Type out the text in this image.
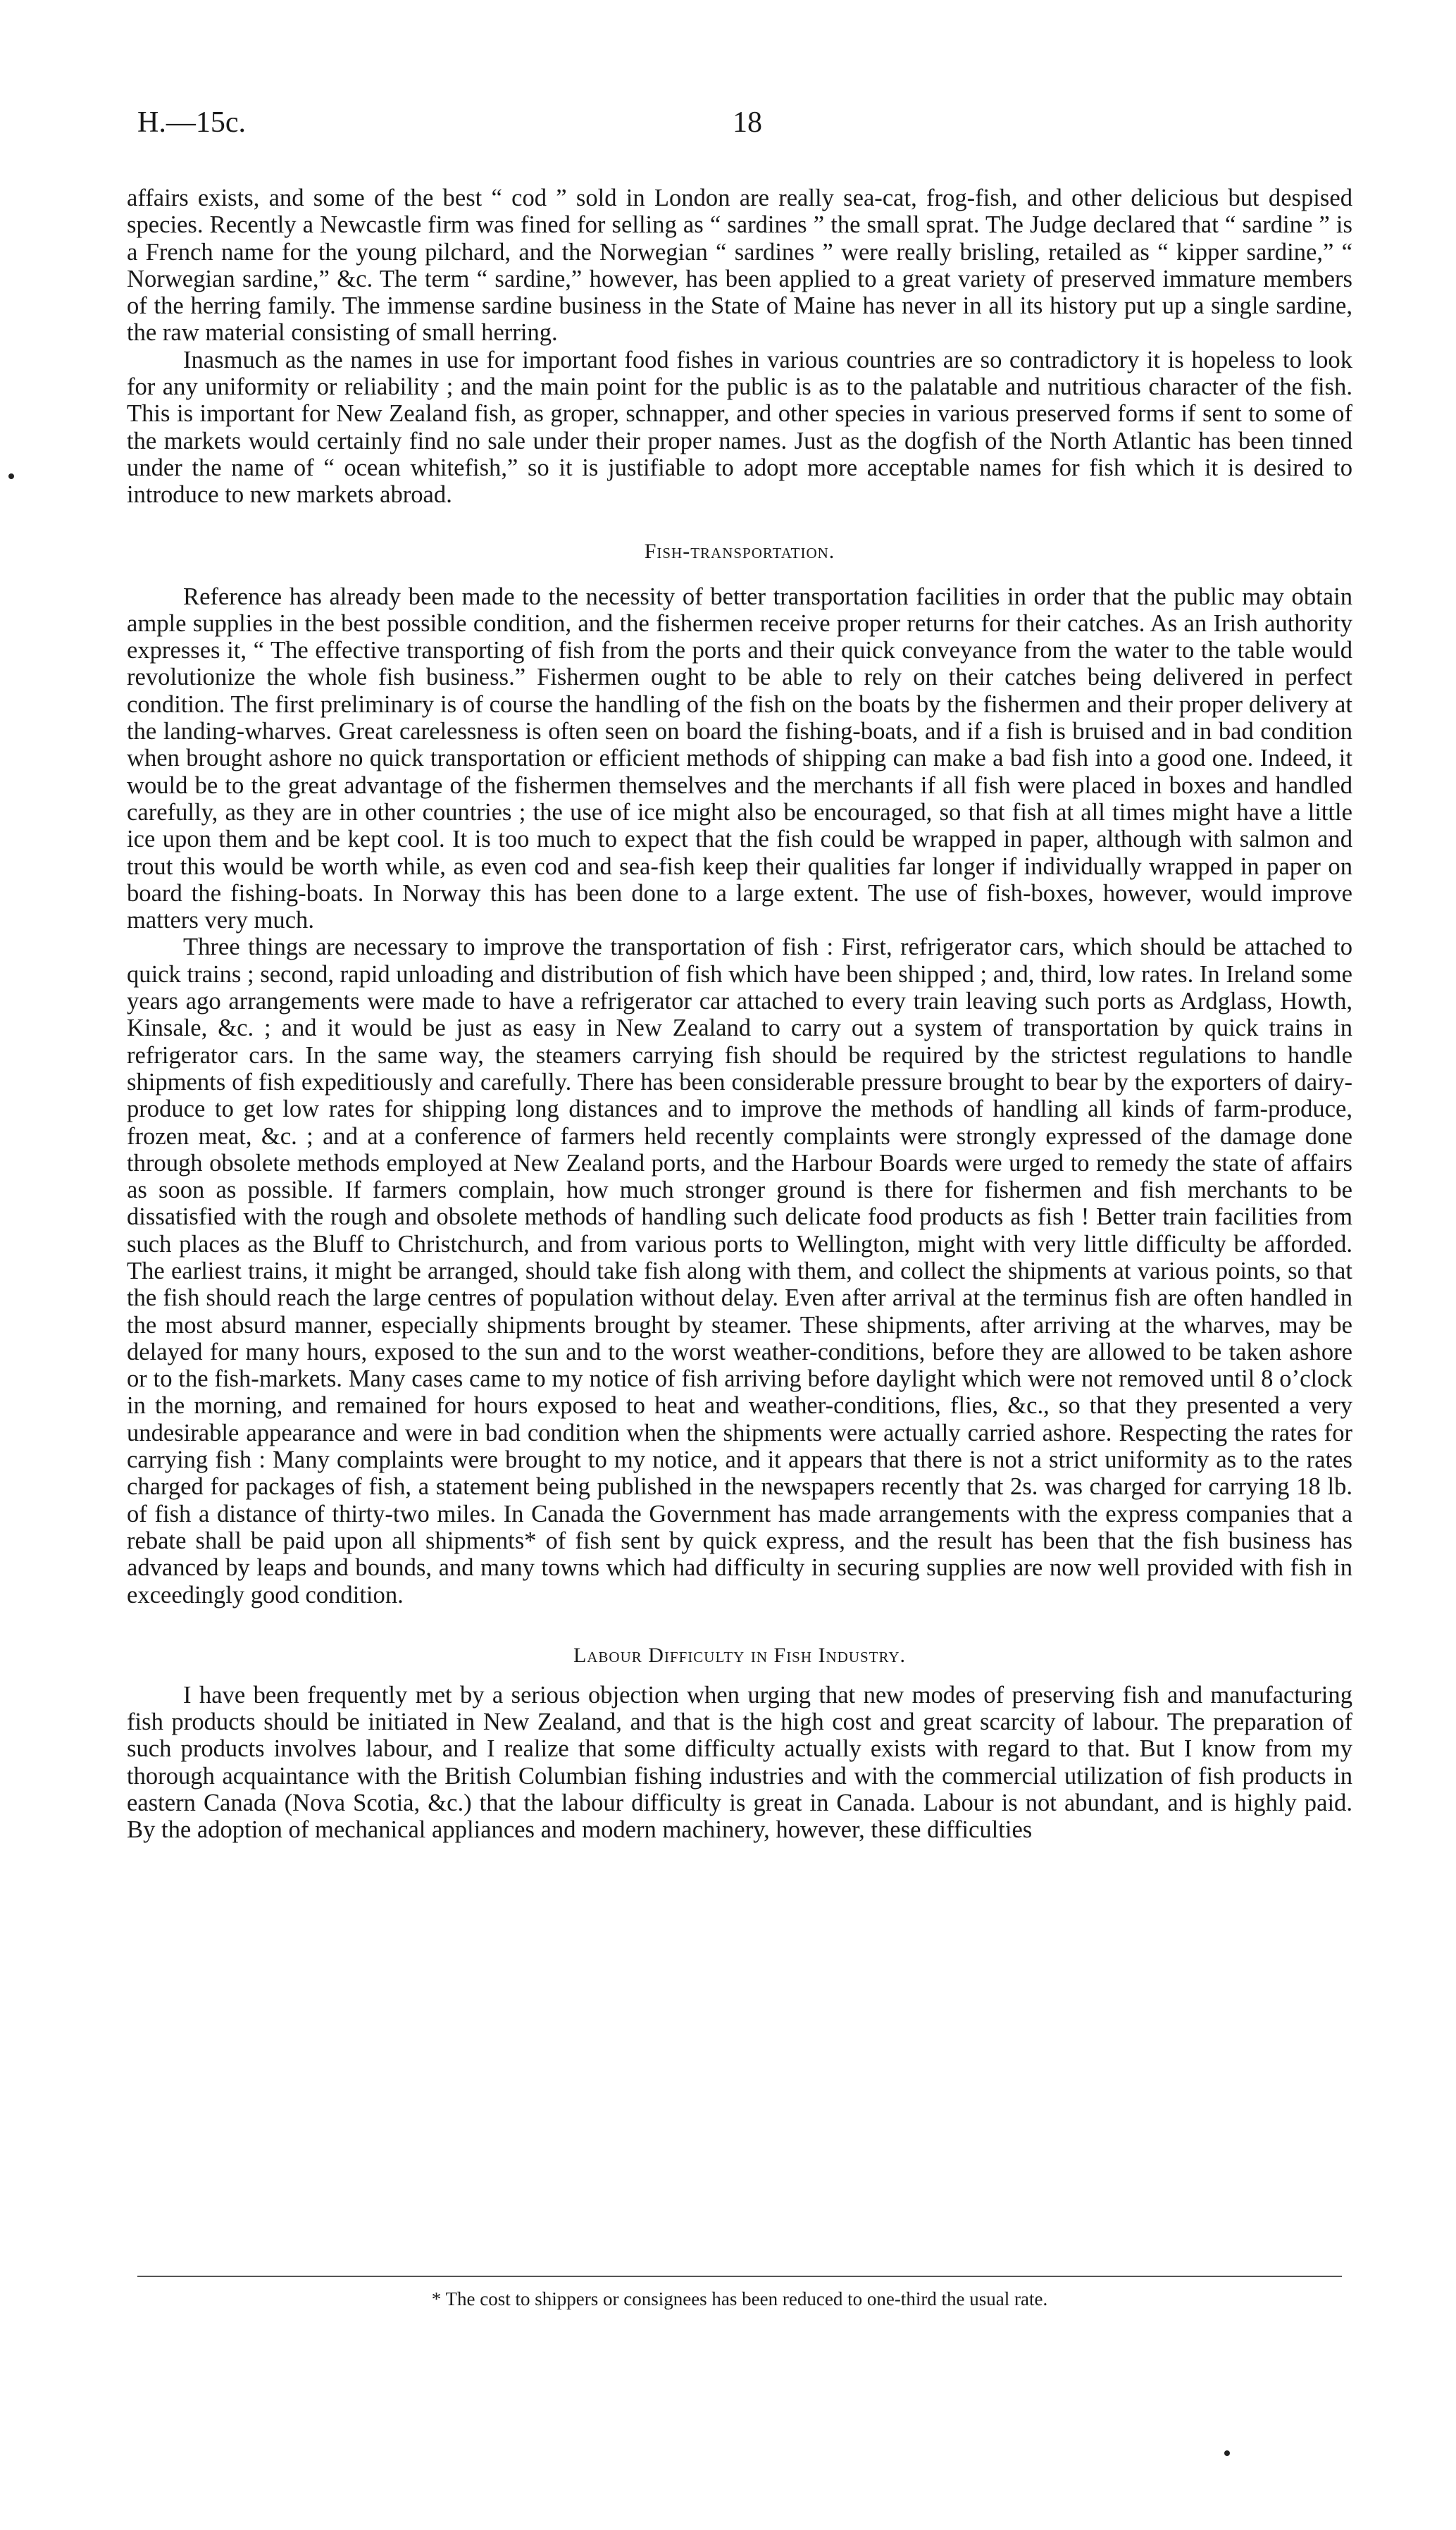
H.—15c.	18

affairs exists, and some of the best “ cod ” sold in London are really sea-cat, frog-fish, and other delicious but despised species. Recently a Newcastle firm was fined for selling as “ sardines ” the small sprat. The Judge declared that “ sardine ” is a French name for the young pilchard, and the Norwegian “ sardines ” were really brisling, retailed as “ kipper sardine,” “ Norwegian sardine,” &c. The term “ sardine,” however, has been applied to a great variety of preserved immature members of the herring family. The immense sardine business in the State of Maine has never in all its history put up a single sardine, the raw material consisting of small herring.

Inasmuch as the names in use for important food fishes in various countries are so contradictory it is hopeless to look for any uniformity or reliability ; and the main point for the public is as to the palatable and nutritious character of the fish. This is important for New Zealand fish, as groper, schnapper, and other species in various preserved forms if sent to some of the markets would certainly find no sale under their proper names. Just as the dogfish of the North Atlantic has been tinned under the name of “ ocean whitefish,” so it is justifiable to adopt more acceptable names for fish which it is desired to introduce to new markets abroad.

Fish-transportation.

Reference has already been made to the necessity of better transportation facilities in order that the public may obtain ample supplies in the best possible condition, and the fishermen receive proper returns for their catches. As an Irish authority expresses it, “ The effective transporting of fish from the ports and their quick conveyance from the water to the table would revolutionize the whole fish business.” Fishermen ought to be able to rely on their catches being delivered in perfect condition. The first preliminary is of course the handling of the fish on the boats by the fishermen and their proper delivery at the landing-wharves. Great carelessness is often seen on board the fishing-boats, and if a fish is bruised and in bad condition when brought ashore no quick transportation or efficient methods of shipping can make a bad fish into a good one. Indeed, it would be to the great advantage of the fishermen themselves and the merchants if all fish were placed in boxes and handled carefully, as they are in other countries ; the use of ice might also be encouraged, so that fish at all times might have a little ice upon them and be kept cool. It is too much to expect that the fish could be wrapped in paper, although with salmon and trout this would be worth while, as even cod and sea-fish keep their qualities far longer if individually wrapped in paper on board the fishing-boats. In Norway this has been done to a large extent. The use of fish-boxes, however, would improve matters very much.

Three things are necessary to improve the transportation of fish : First, refrigerator cars, which should be attached to quick trains ; second, rapid unloading and distribution of fish which have been shipped ; and, third, low rates. In Ireland some years ago arrangements were made to have a refrigerator car attached to every train leaving such ports as Ardglass, Howth, Kinsale, &c. ; and it would be just as easy in New Zealand to carry out a system of transportation by quick trains in refrigerator cars. In the same way, the steamers carrying fish should be required by the strictest regulations to handle shipments of fish expeditiously and carefully. There has been considerable pressure brought to bear by the exporters of dairy-produce to get low rates for shipping long distances and to improve the methods of handling all kinds of farm-produce, frozen meat, &c. ; and at a conference of farmers held recently complaints were strongly expressed of the damage done through obsolete methods employed at New Zealand ports, and the Harbour Boards were urged to remedy the state of affairs as soon as possible. If farmers complain, how much stronger ground is there for fishermen and fish merchants to be dissatisfied with the rough and obsolete methods of handling such delicate food products as fish ! Better train facilities from such places as the Bluff to Christchurch, and from various ports to Wellington, might with very little difficulty be afforded. The earliest trains, it might be arranged, should take fish along with them, and collect the shipments at various points, so that the fish should reach the large centres of population without delay. Even after arrival at the terminus fish are often handled in the most absurd manner, especially shipments brought by steamer. These shipments, after arriving at the wharves, may be delayed for many hours, exposed to the sun and to the worst weather-conditions, before they are allowed to be taken ashore or to the fish-markets. Many cases came to my notice of fish arriving before daylight which were not removed until 8 o’clock in the morning, and remained for hours exposed to heat and weather-conditions, flies, &c., so that they presented a very undesirable appearance and were in bad condition when the shipments were actually carried ashore. Respecting the rates for carrying fish : Many complaints were brought to my notice, and it appears that there is not a strict uniformity as to the rates charged for packages of fish, a statement being published in the newspapers recently that 2s. was charged for carrying 18 lb. of fish a distance of thirty-two miles. In Canada the Government has made arrangements with the express companies that a rebate shall be paid upon all shipments* of fish sent by quick express, and the result has been that the fish business has advanced by leaps and bounds, and many towns which had difficulty in securing supplies are now well provided with fish in exceedingly good condition.

Labour Difficulty in Fish Industry.

I have been frequently met by a serious objection when urging that new modes of preserving fish and manufacturing fish products should be initiated in New Zealand, and that is the high cost and great scarcity of labour. The preparation of such products involves labour, and I realize that some difficulty actually exists with regard to that. But I know from my thorough acquaintance with the British Columbian fishing industries and with the commercial utilization of fish products in eastern Canada (Nova Scotia, &c.) that the labour difficulty is great in Canada. Labour is not abundant, and is highly paid. By the adoption of mechanical appliances and modern machinery, however, these difficulties

* The cost to shippers or consignees has been reduced to one-third the usual rate.
